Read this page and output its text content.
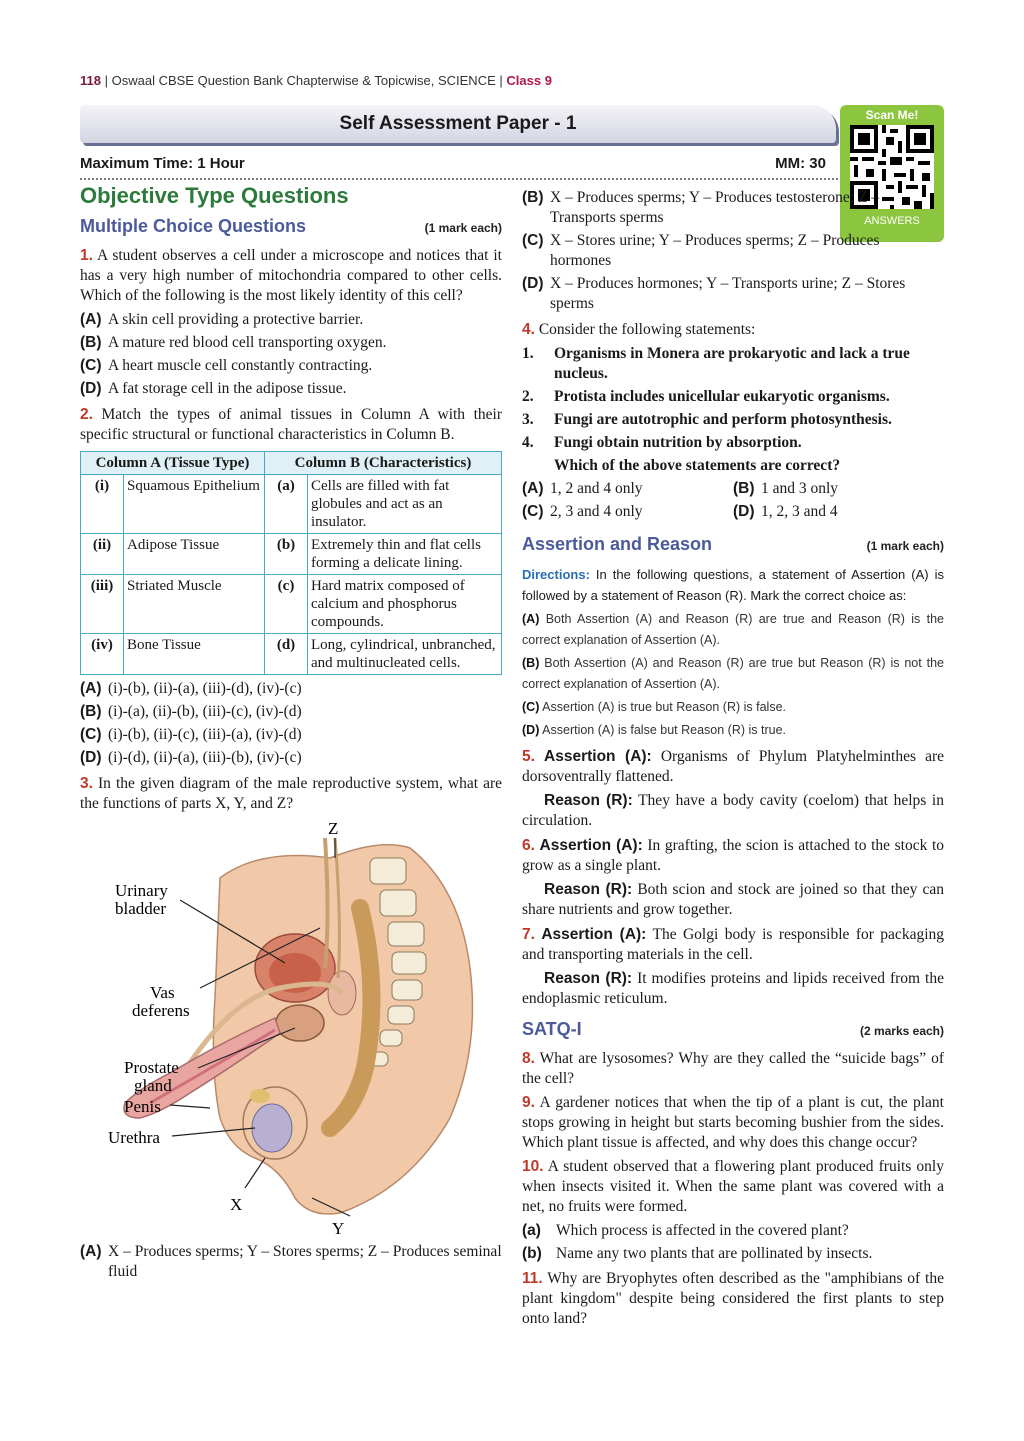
118 | Oswaal CBSE Question Bank Chapterwise & Topicwise, SCIENCE | Class 9
Self Assessment Paper - 1	Scan Me!
ANSWERS
Maximum Time: 1 Hour	MM: 30
Objective Type Questions
Multiple Choice Questions	(1 mark each)

1. A student observes a cell under a microscope and notices that it has a very high number of mitochondria compared to other cells. Which of the following is the most likely identity of this cell?

(A) A skin cell providing a protective barrier.
(B) A mature red blood cell transporting oxygen.
(C) A heart muscle cell constantly contracting.
(D) A fat storage cell in the adipose tissue.

2. Match the types of animal tissues in Column A with their specific structural or functional characteristics in Column B.

Column A (Tissue Type)		Column B (Characteristics)	
(i)	Squamous Epithelium	(a)	Cells are filled with fat globules and act as an insulator.
(ii)	Adipose Tissue	(b)	Extremely thin and flat cells forming a delicate lining.
(iii)	Striated Muscle	(c)	Hard matrix composed of calcium and phosphorus compounds.
(iv)	Bone Tissue	(d)	Long, cylindrical, unbranched, and multinucleated cells.
(A) (i)-(b), (ii)-(a), (iii)-(d), (iv)-(c)
(B) (i)-(a), (ii)-(b), (iii)-(c), (iv)-(d)
(C) (i)-(b), (ii)-(c), (iii)-(a), (iv)-(d)
(D) (i)-(d), (ii)-(a), (iii)-(b), (iv)-(c)

3. In the given diagram of the male reproductive system, what are the functions of parts X, Y, and Z?

Z
Urinary
bladder
Vas
deferens
Prostate
gland
Penis
Urethra
X
Y
(A) X – Produces sperms; Y – Stores sperms; Z – Produces seminal fluid
(B) X – Produces sperms; Y – Produces testosterone; Z – Transports sperms
(C) X – Stores urine; Y – Produces sperms; Z – Produces hormones
(D) X – Produces hormones; Y – Transports urine; Z – Stores sperms

4. Consider the following statements:

1.	Organisms in Monera are prokaryotic and lack a true nucleus.
2.	Protista includes unicellular eukaryotic organisms.
3.	Fungi are autotrophic and perform photosynthesis.
4.	Fungi obtain nutrition by absorption.
Which of the above statements are correct?
(A) 1, 2 and 4 only	(B) 1 and 3 only
(C) 2, 3 and 4 only	(D) 1, 2, 3 and 4
Assertion and Reason	(1 mark each)

Directions: In the following questions, a statement of Assertion (A) is followed by a statement of Reason (R). Mark the correct choice as:

(A) Both Assertion (A) and Reason (R) are true and Reason (R) is the correct explanation of Assertion (A).

(B) Both Assertion (A) and Reason (R) are true but Reason (R) is not the correct explanation of Assertion (A).

(C) Assertion (A) is true but Reason (R) is false.

(D) Assertion (A) is false but Reason (R) is true.

5. Assertion (A): Organisms of Phylum Platyhelminthes are dorsoventrally flattened.

Reason (R): They have a body cavity (coelom) that helps in circulation.

6. Assertion (A): In grafting, the scion is attached to the stock to grow as a single plant.

Reason (R): Both scion and stock are joined so that they can share nutrients and grow together.

7. Assertion (A): The Golgi body is responsible for packaging and transporting materials in the cell.

Reason (R): It modifies proteins and lipids received from the endoplasmic reticulum.

SATQ-I	(2 marks each)

8. What are lysosomes? Why are they called the “suicide bags” of the cell?

9. A gardener notices that when the tip of a plant is cut, the plant stops growing in height but starts becoming bushier from the sides. Which plant tissue is affected, and why does this change occur?

10. A student observed that a flowering plant produced fruits only when insects visited it. When the same plant was covered with a net, no fruits were formed.

(a) Which process is affected in the covered plant?
(b) Name any two plants that are pollinated by insects.

11. Why are Bryophytes often described as the "amphibians of the plant kingdom" despite being considered the first plants to step onto land?
